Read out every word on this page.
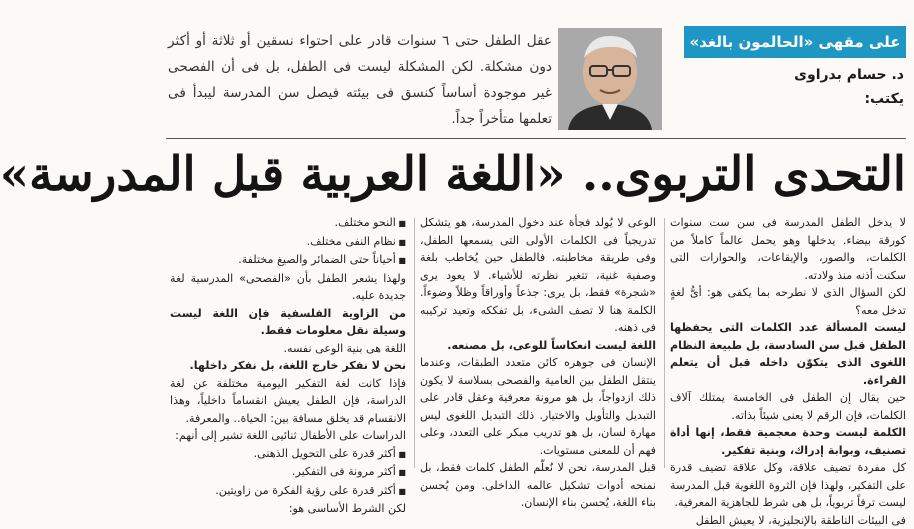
على مقهى «الحالمون بالغد»
د. حسام بدراوى
يكتب:
عقل الطفل حتى ٦ سنوات قادر على احتواء نسقين أو ثلاثة أو أكثر دون مشكلة. لكن المشكلة ليست فى الطفل، بل فى أن الفصحى غير موجودة أساساً كنسق فى بيئته فيصل سن المدرسة ليبدأ فى تعلمها متأخراً جداً.
التحدى التربوى.. «اللغة العربية قبل المدرسة»

لا يدخل الطفل المدرسة فى سن ست سنوات كورقة بيضاء. يدخلها وهو يحمل عالماً كاملاً من الكلمات، والصور، والإيقاعات، والحوارات التى سكنت أذنه منذ ولادته.

لكن السؤال الذى لا نطرحه بما يكفى هو: أىُّ لغةٍ تدخل معه؟

ليست المسألة عدد الكلمات التى يحفظها الطفل قبل سن السادسة، بل طبيعة النظام اللغوى الذى يتكوّن داخله قبل أن يتعلم القراءة.

حين يقال إن الطفل فى الخامسة يمتلك آلاف الكلمات، فإن الرقم لا يعنى شيئاً بذاته.

الكلمة ليست وحدة معجمية فقط، إنها أداة تصنيف، وبوابة إدراك، وبنية تفكير.

كل مفردة تضيف علاقة، وكل علاقة تضيف قدرة على التفكير، ولهذا فإن الثروة اللغوية قبل المدرسة ليست ترفاً تربوياً، بل هى شرط للجاهزية المعرفية.

فى البيئات الناطقة بالإنجليزية، لا يعيش الطفل

الوعى لا يُولد فجأة عند دخول المدرسة، هو يتشكل تدريجياً فى الكلمات الأولى التى يسمعها الطفل، وفى طريقة مخاطبته. فالطفل حين يُخاطب بلغة وصفية غنية، تتغير نظرته للأشياء. لا يعود يرى «شجرة» فقط، بل يرى: جذعاً وأوراقاً وظلاً وضوءاً. الكلمة هنا لا تصف الشىء، بل تفككه وتعيد تركيبه فى ذهنه.

اللغة ليست انعكاساً للوعى، بل مصنعه.

الإنسان فى جوهره كائن متعدد الطبقات، وعندما ينتقل الطفل بين العامية والفصحى بسلاسة لا يكون ذلك ازدواجاً، بل هو مرونة معرفية وعقل قادر على التبديل والتأويل والاختيار. ذلك التبديل اللغوى ليس مهارة لسان، بل هو تدريب مبكر على التعدد، وعلى فهم أن للمعنى مستويات.

قبل المدرسة، نحن لا نُعلّم الطفل كلمات فقط، بل نمنحه أدوات تشكيل عالمه الداخلى. ومن يُحسن بناء اللغة، يُحسن بناء الإنسان.

■ النحو مختلف.

■ نظام النفى مختلف.

■ أحياناً حتى الضمائر والصيغ مختلفة.

ولهذا يشعر الطفل بأن «الفصحى» المدرسية لغة جديدة عليه.

من الزاوية الفلسفية فإن اللغة ليست وسيلة نقل معلومات فقط.

اللغة هى بنية الوعى نفسه.

نحن لا نفكر خارج اللغة، بل نفكر داخلها.

فإذا كانت لغة التفكير اليومية مختلفة عن لغة الدراسة، فإن الطفل يعيش انقساماً داخلياً، وهذا الانقسام قد يخلق مسافة بين: الحياة.. والمعرفة.

الدراسات على الأطفال ثنائيى اللغة تشير إلى أنهم:

■ أكثر قدرة على التحويل الذهنى.

■ أكثر مرونة فى التفكير.

■ أكثر قدرة على رؤية الفكرة من زاويتين.

لكن الشرط الأساسى هو:
